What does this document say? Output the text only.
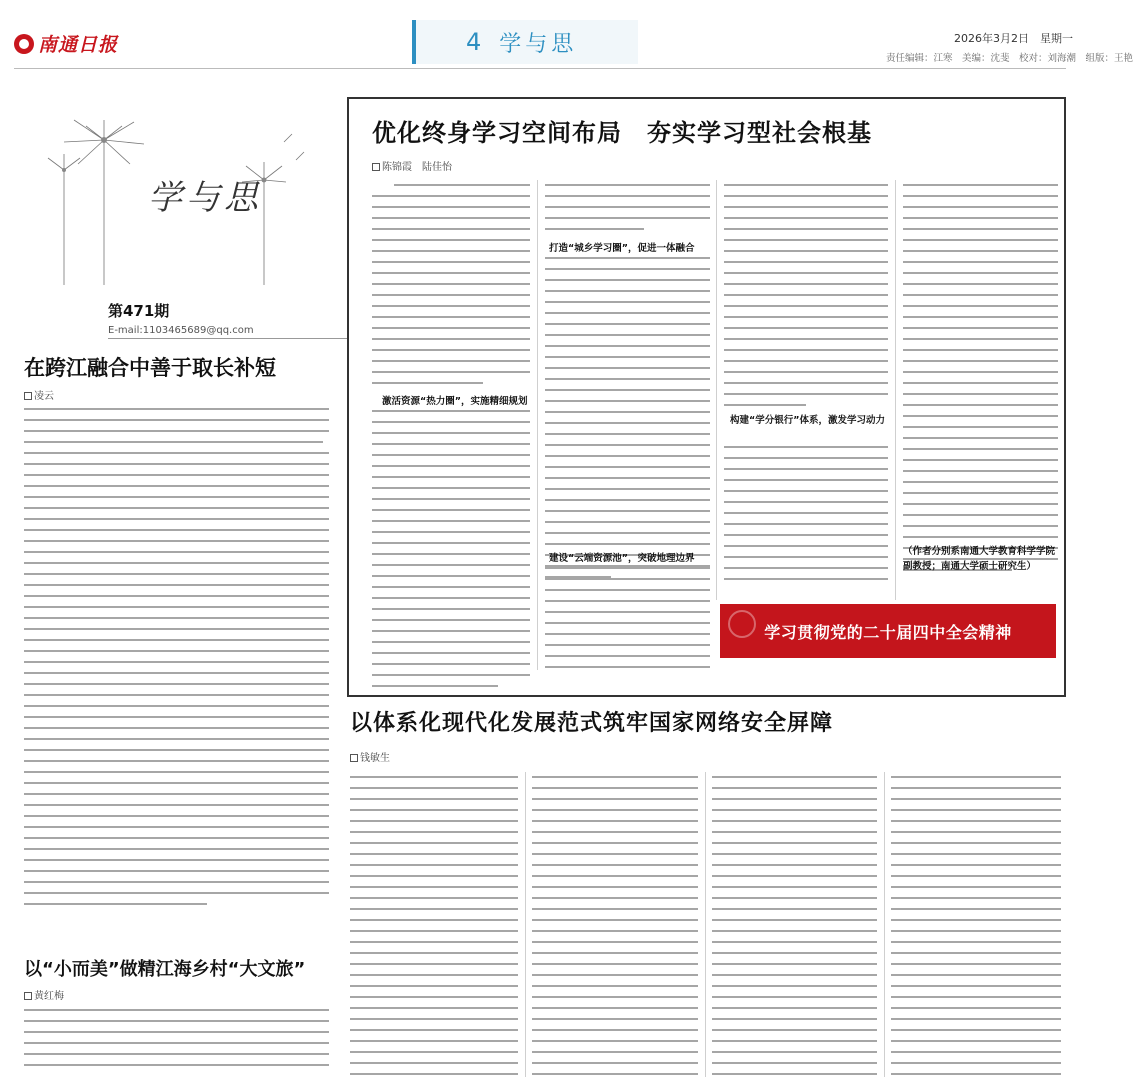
南通日报	4 学与思	2026年3月2日　星期一
责任编辑：江寒　美编：沈斐　校对：刘海潮　组版：王艳
学与思
第471期
E-mail:1103465689@qq.com
在跨江融合中善于取长补短
凌云
以“小而美”做精江海乡村“大文旅”
黄红梅
优化终身学习空间布局　夯实学习型社会根基
陈锦霞　陆佳怡
激活资源“热力圈”，实施精细规划
打造“城乡学习圈”，促进一体融合
建设“云端资源池”，突破地理边界
构建“学分银行”体系，激发学习动力
（作者分别系南通大学教育科学学院副教授；南通大学硕士研究生）
学习贯彻党的二十届四中全会精神
以体系化现代化发展范式筑牢国家网络安全屏障
钱敏生
